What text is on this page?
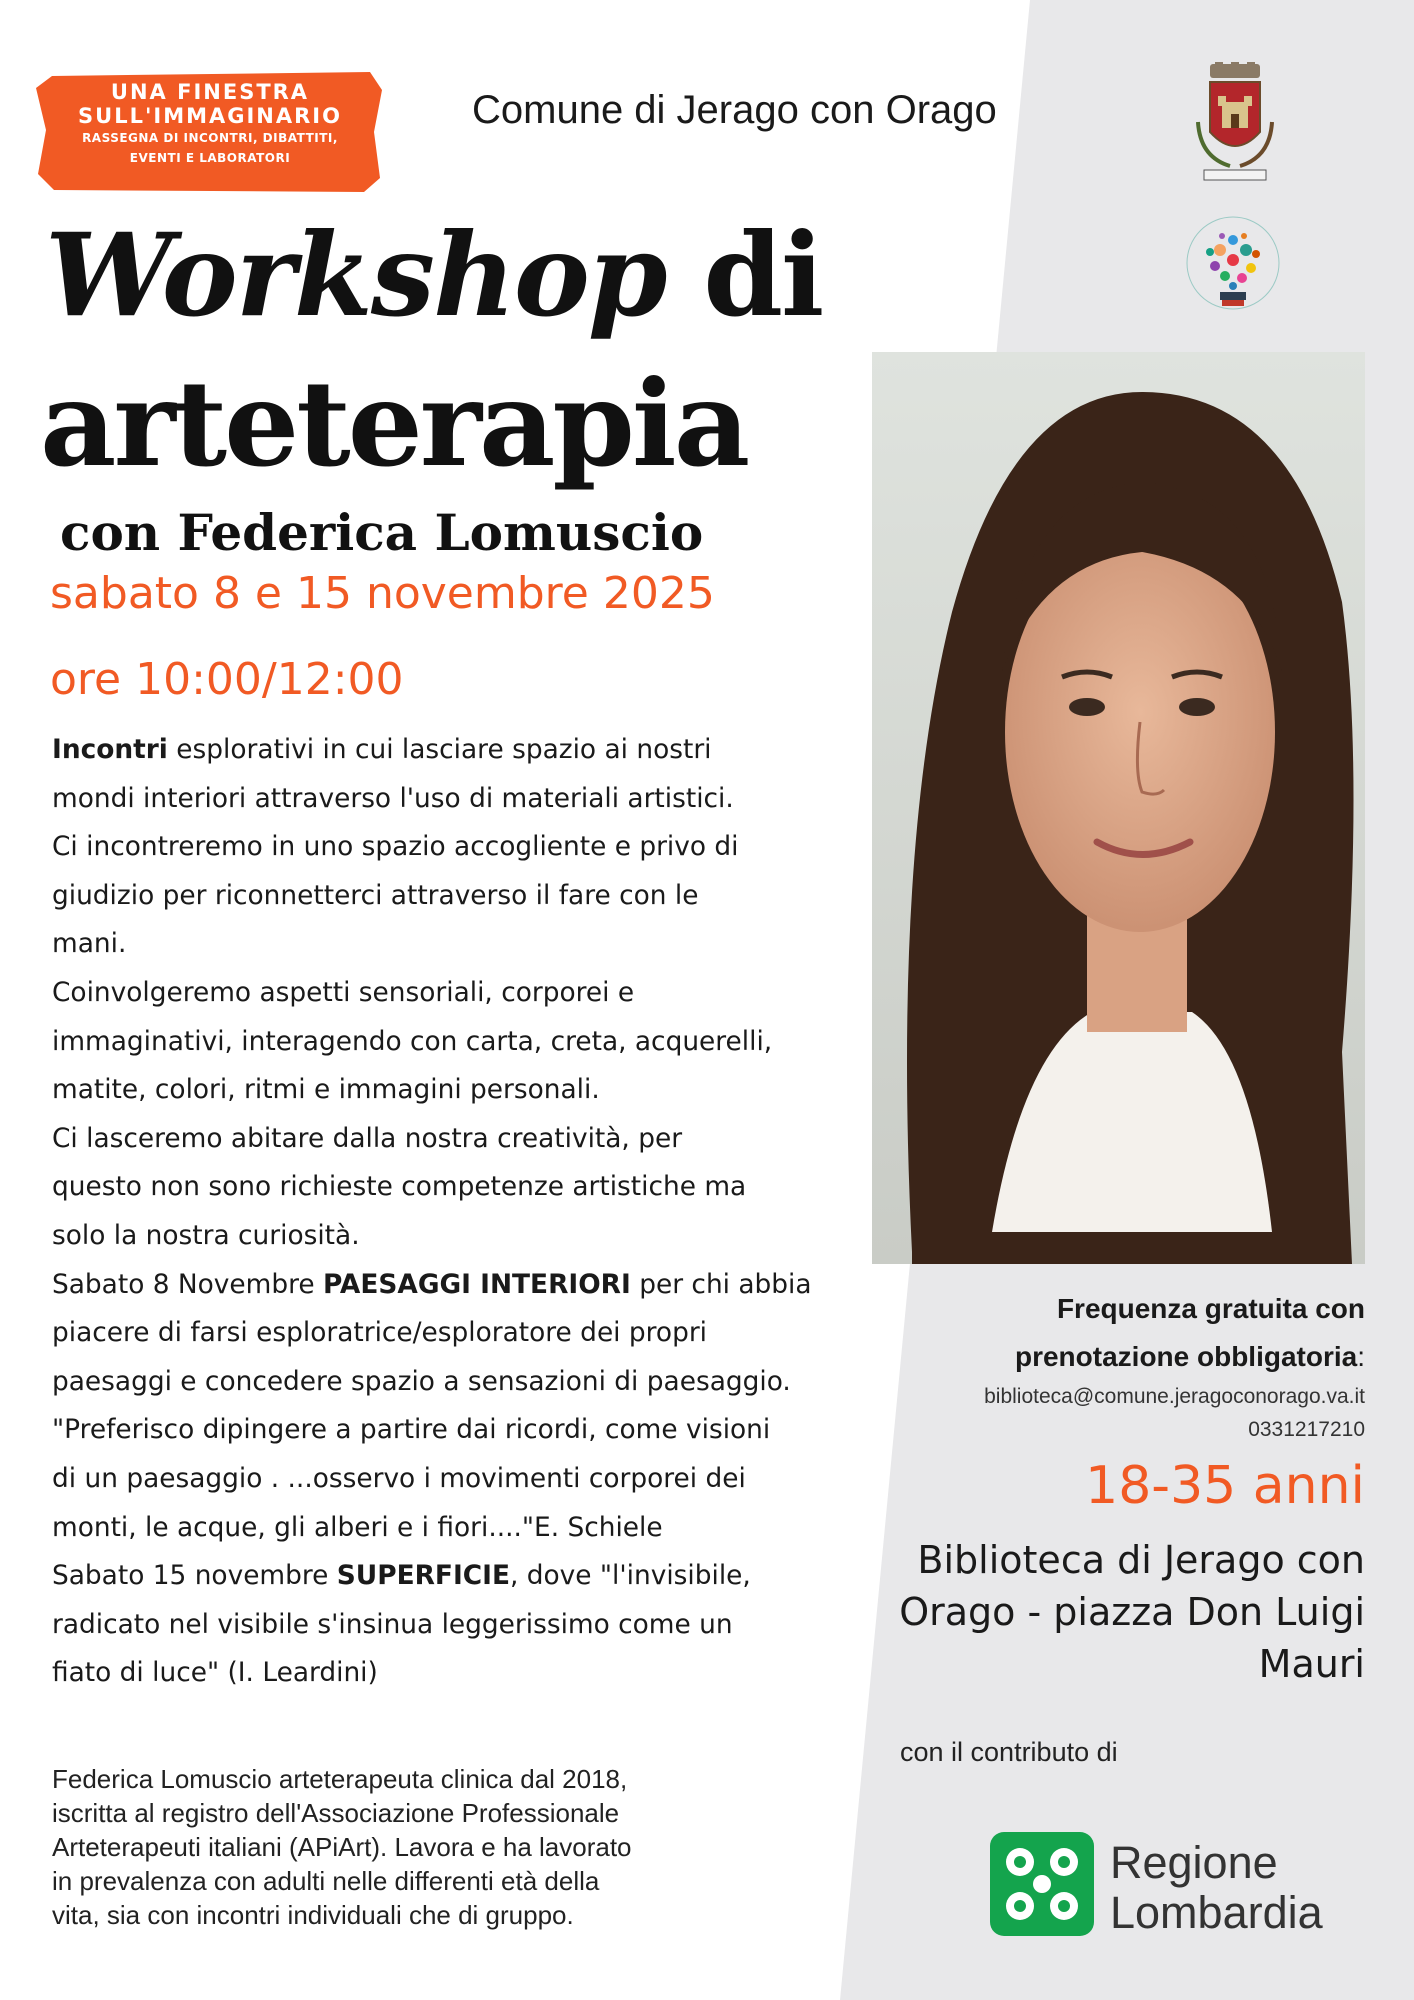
UNA FINESTRA
SULL'IMMAGINARIO
RASSEGNA DI INCONTRI, DIBATTITI,
EVENTI E LABORATORI
Comune di Jerago con Orago
Workshop di
arteterapia
con Federica Lomuscio
sabato 8 e 15 novembre 2025
ore 10:00/12:00
Incontri esplorativi in cui lasciare spazio ai nostri
mondi interiori attraverso l'uso di materiali artistici.
Ci incontreremo in uno spazio accogliente e privo di
giudizio per riconnetterci attraverso il fare con le
mani.
Coinvolgeremo aspetti sensoriali, corporei e
immaginativi, interagendo con carta, creta, acquerelli,
matite, colori, ritmi e immagini personali.
Ci lasceremo abitare dalla nostra creatività, per
questo non sono richieste competenze artistiche ma
solo la nostra curiosità.
Sabato 8 Novembre PAESAGGI INTERIORI per chi abbia
piacere di farsi esploratrice/esploratore dei propri
paesaggi e concedere spazio a sensazioni di paesaggio.
"Preferisco dipingere a partire dai ricordi, come visioni
di un paesaggio . ...osservo i movimenti corporei dei
monti, le acque, gli alberi e i fiori...."E. Schiele
Sabato 15 novembre SUPERFICIE, dove "l'invisibile,
radicato nel visibile s'insinua leggerissimo come un
fiato di luce" (I. Leardini)
Federica Lomuscio arteterapeuta clinica dal 2018,
iscritta al registro dell'Associazione Professionale
Arteterapeuti italiani (APiArt). Lavora e ha lavorato
in prevalenza con adulti nelle differenti età della
vita, sia con incontri individuali che di gruppo.
Frequenza gratuita con
prenotazione obbligatoria:
biblioteca@comune.jeragoconorago.va.it
0331217210
18-35 anni
Biblioteca di Jerago con
Orago - piazza Don Luigi
Mauri
con il contributo di
Regione
Lombardia
